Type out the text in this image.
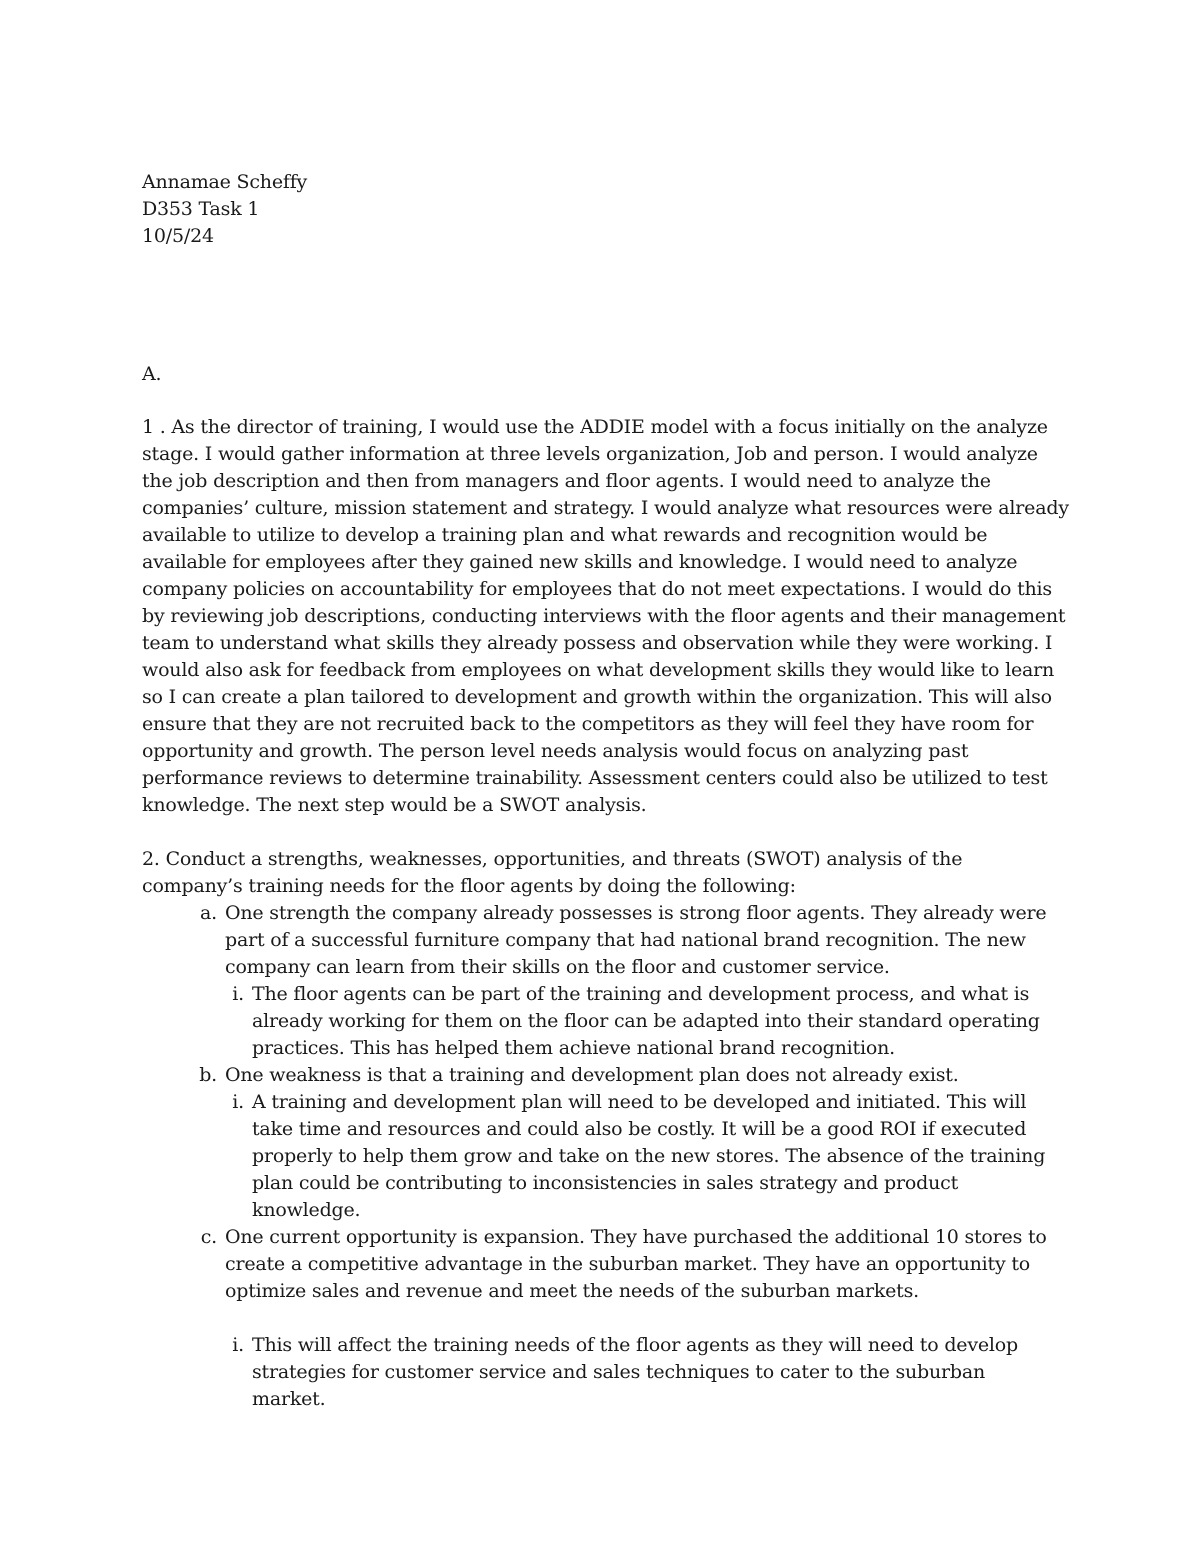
Annamae Scheffy
D353 Task 1
10/5/24
A.

1 . As the director of training, I would use the ADDIE model with a focus initially on the analyze stage. I would gather information at three levels organization, Job and person. I would analyze the job description and then from managers and floor agents. I would need to analyze the companies’ culture, mission statement and strategy. I would analyze what resources were already available to utilize to develop a training plan and what rewards and recognition would be available for employees after they gained new skills and knowledge. I would need to analyze company policies on accountability for employees that do not meet expectations. I would do this by reviewing job descriptions, conducting interviews with the floor agents and their management team to understand what skills they already possess and observation while they were working. I would also ask for feedback from employees on what development skills they would like to learn so I can create a plan tailored to development and growth within the organization. This will also ensure that they are not recruited back to the competitors as they will feel they have room for opportunity and growth. The person level needs analysis would focus on analyzing past performance reviews to determine trainability. Assessment centers could also be utilized to test knowledge. The next step would be a SWOT analysis.

2. Conduct a strengths, weaknesses, opportunities, and threats (SWOT) analysis of the company’s training needs for the floor agents by doing the following:

a. One strength the company already possesses is strong floor agents. They already were part of a successful furniture company that had national brand recognition. The new company can learn from their skills on the floor and customer service.
i. The floor agents can be part of the training and development process, and what is already working for them on the floor can be adapted into their standard operating practices. This has helped them achieve national brand recognition.
b. One weakness is that a training and development plan does not already exist.
i. A training and development plan will need to be developed and initiated. This will take time and resources and could also be costly. It will be a good ROI if executed properly to help them grow and take on the new stores. The absence of the training plan could be contributing to inconsistencies in sales strategy and product knowledge.
c. One current opportunity is expansion. They have purchased the additional 10 stores to create a competitive advantage in the suburban market. They have an opportunity to optimize sales and revenue and meet the needs of the suburban markets.
i. This will affect the training needs of the floor agents as they will need to develop strategies for customer service and sales techniques to cater to the suburban market.
